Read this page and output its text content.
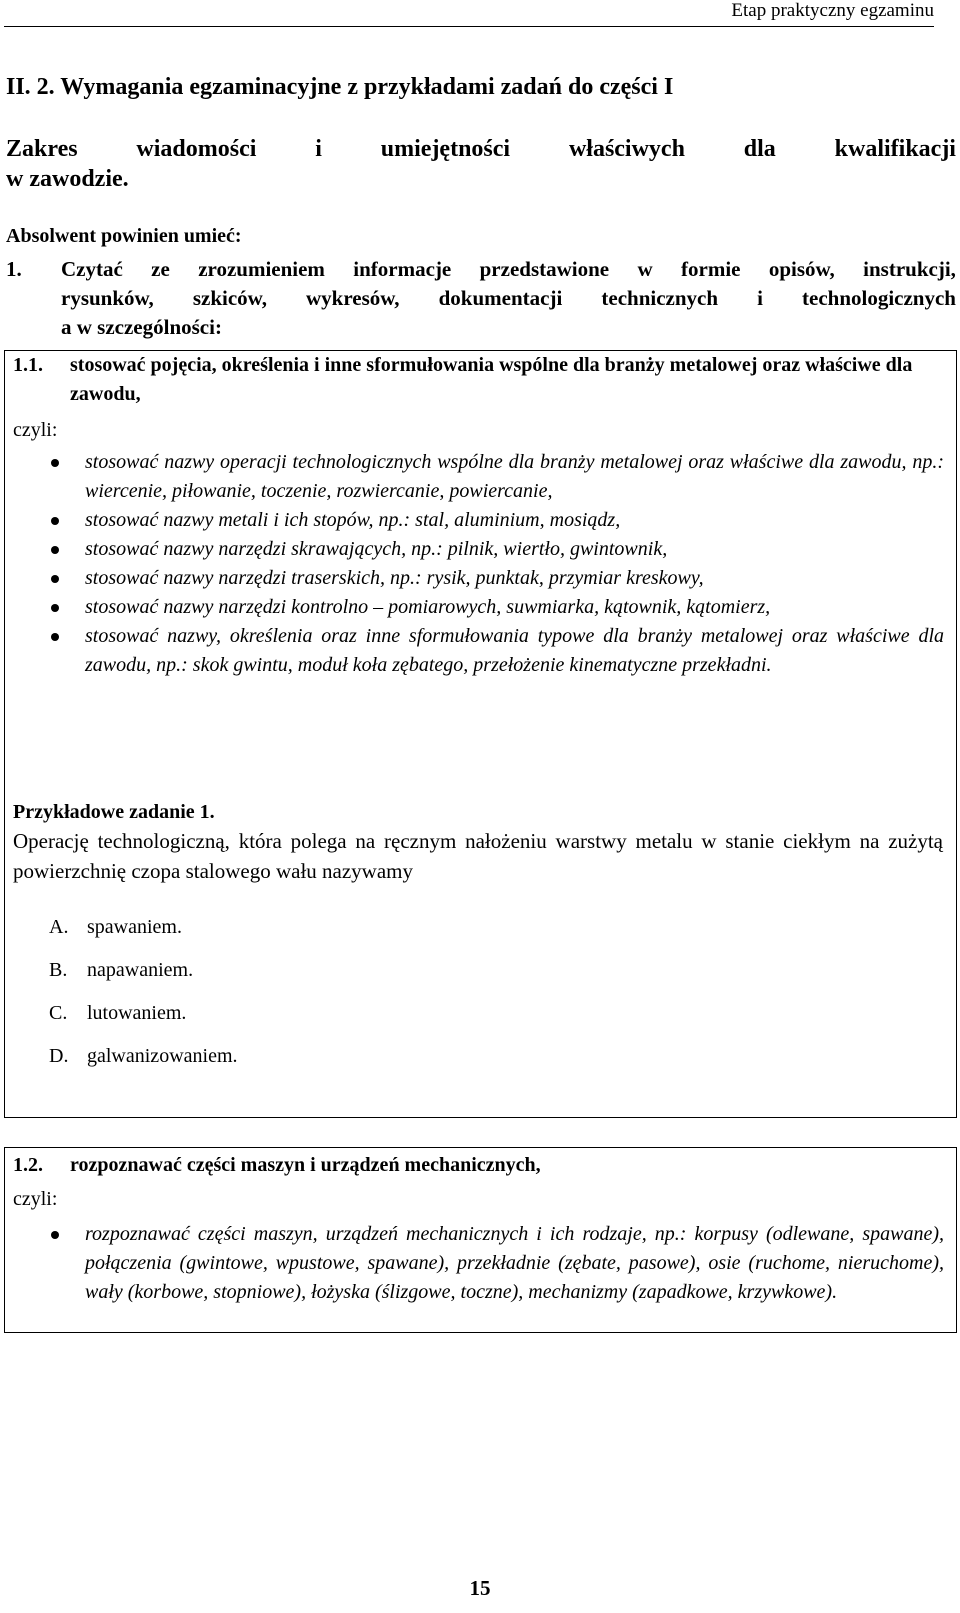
Etap praktyczny egzaminu
II. 2. Wymagania egzaminacyjne z przykładami zadań do części I
Zakres wiadomości i umiejętności właściwych dla kwalifikacji
w zawodzie.
Absolwent powinien umieć:
1. Czytać ze zrozumieniem informacje przedstawione w formie opisów, instrukcji,
rysunków, szkiców, wykresów, dokumentacji technicznych i technologicznych
a w szczególności:
1.1. stosować pojęcia, określenia i inne sformułowania wspólne dla branży metalowej oraz właściwe dla zawodu,
czyli:
stosować nazwy operacji technologicznych wspólne dla branży metalowej oraz właściwe dla zawodu, np.: wiercenie, piłowanie, toczenie, rozwiercanie, powiercanie,
stosować nazwy metali i ich stopów, np.: stal, aluminium, mosiądz,
stosować nazwy narzędzi skrawających, np.: pilnik, wiertło, gwintownik,
stosować nazwy narzędzi traserskich, np.: rysik, punktak, przymiar kreskowy,
stosować nazwy narzędzi kontrolno – pomiarowych, suwmiarka, kątownik, kątomierz,
stosować nazwy, określenia oraz inne sformułowania typowe dla branży metalowej oraz właściwe dla zawodu, np.: skok gwintu, moduł koła zębatego, przełożenie kinematyczne przekładni.
Przykładowe zadanie 1.
Operację technologiczną, która polega na ręcznym nałożeniu warstwy metalu w stanie ciekłym na zużytą powierzchnię czopa stalowego wału nazywamy
A. spawaniem.
B. napawaniem.
C. lutowaniem.
D. galwanizowaniem.
1.2. rozpoznawać części maszyn i urządzeń mechanicznych,
czyli:
rozpoznawać części maszyn, urządzeń mechanicznych i ich rodzaje, np.: korpusy (odlewane, spawane), połączenia (gwintowe, wpustowe, spawane), przekładnie (zębate, pasowe), osie (ruchome, nieruchome), wały (korbowe, stopniowe), łożyska (ślizgowe, toczne), mechanizmy (zapadkowe, krzywkowe).
15
